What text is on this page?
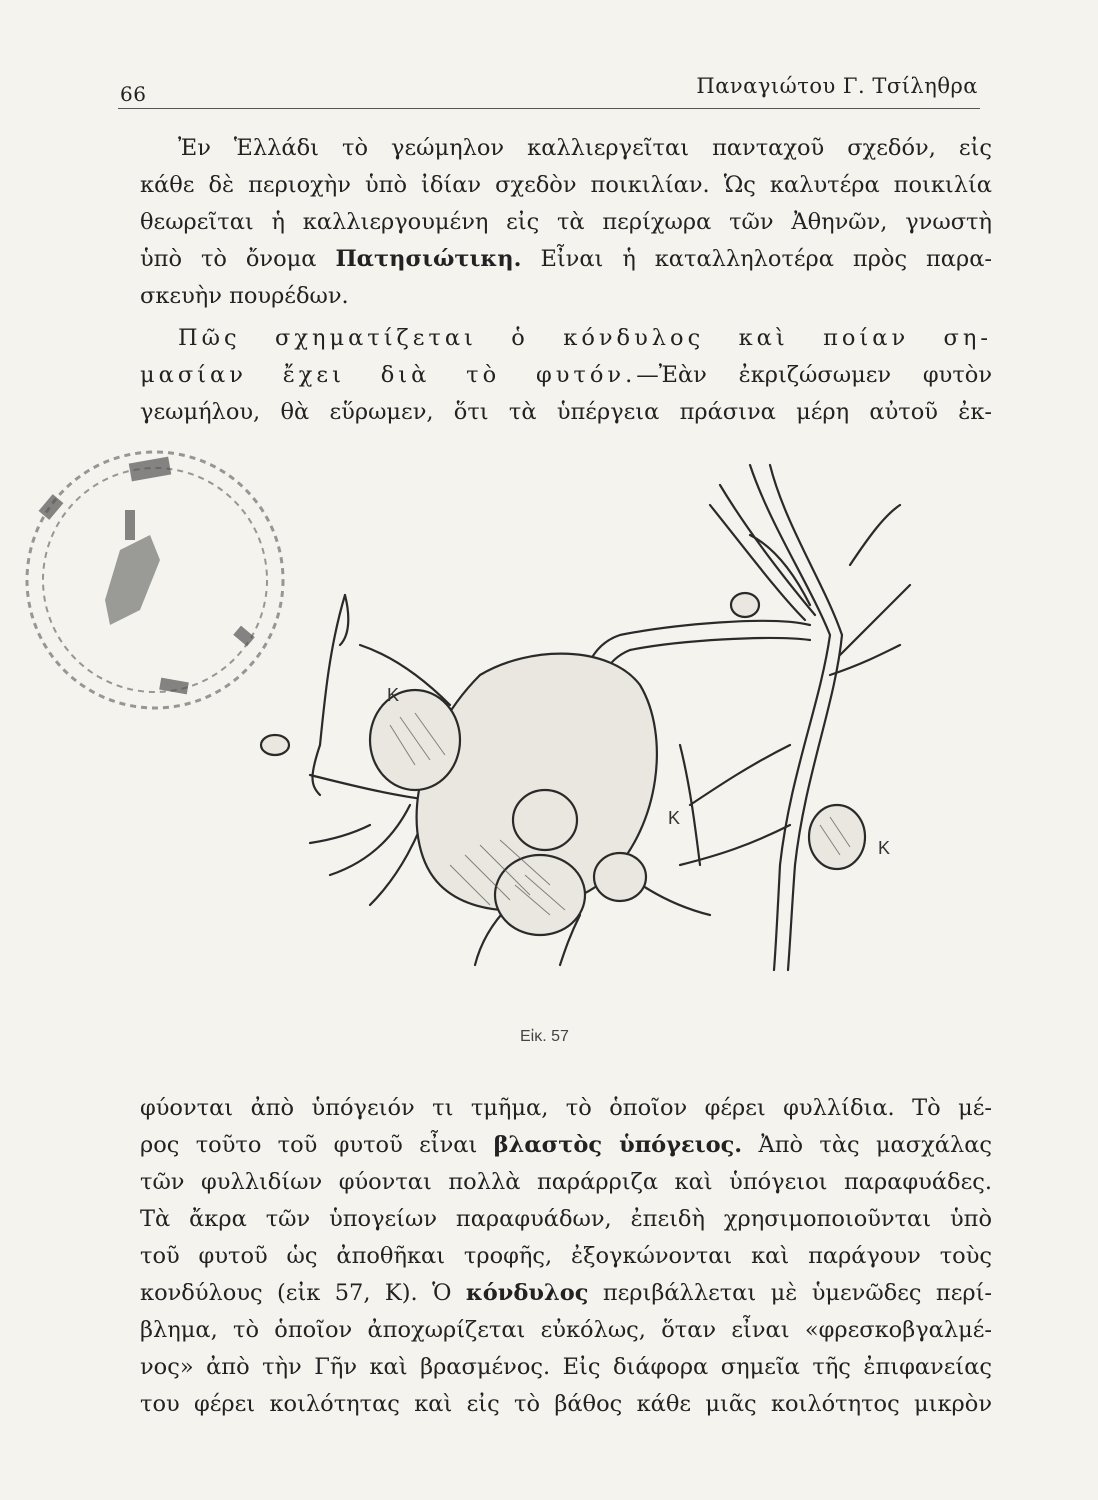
66	Παναγιώτου Γ. Τσίληθρα

Ἐν Ἑλλάδι τὸ γεώμηλον καλλιεργεῖται πανταχοῦ σχεδόν, εἰς
κάθε δὲ περιοχὴν ὑπὸ ἰδίαν σχεδὸν ποικιλίαν. Ὡς καλυτέρα ποικιλία
θεωρεῖται ἡ καλλιεργουμένη εἰς τὰ περίχωρα τῶν Ἀθηνῶν, γνωστὴ
ὑπὸ τὸ ὄνομα Πατησιώτικη. Εἶναι ἡ καταλληλοτέρα πρὸς παρα-
σκευὴν πουρέδων.

Πῶς σχηματίζεται ὁ κόνδυλος καὶ ποίαν ση-
μασίαν ἔχει διὰ τὸ φυτόν.—Ἐὰν ἐκριζώσωμεν φυτὸν
γεωμήλου, θὰ εὕρωμεν, ὅτι τὰ ὑπέργεια πράσινα μέρη αὐτοῦ ἐκ-

Κ
Κ
Κ
Εἰκ. 57

φύονται ἀπὸ ὑπόγειόν τι τμῆμα, τὸ ὁποῖον φέρει φυλλίδια. Τὸ μέ-
ρος τοῦτο τοῦ φυτοῦ εἶναι βλαστὸς ὑπόγειος. Ἀπὸ τὰς μασχάλας
τῶν φυλλιδίων φύονται πολλὰ παράρριζα καὶ ὑπόγειοι παραφυάδες.
Τὰ ἄκρα τῶν ὑπογείων παραφυάδων, ἐπειδὴ χρησιμοποιοῦνται ὑπὸ
τοῦ φυτοῦ ὡς ἀποθῆκαι τροφῆς, ἐξογκώνονται καὶ παράγουν τοὺς
κονδύλους (εἰκ 57, Κ). Ὁ κόνδυλος περιβάλλεται μὲ ὑμενῶδες περί-
βλημα, τὸ ὁποῖον ἀποχωρίζεται εὐκόλως, ὅταν εἶναι «φρεσκοβγαλμέ-
νος» ἀπὸ τὴν Γῆν καὶ βρασμένος. Εἰς διάφορα σημεῖα τῆς ἐπιφανείας
του φέρει κοιλότητας καὶ εἰς τὸ βάθος κάθε μιᾶς κοιλότητος μικρὸν
